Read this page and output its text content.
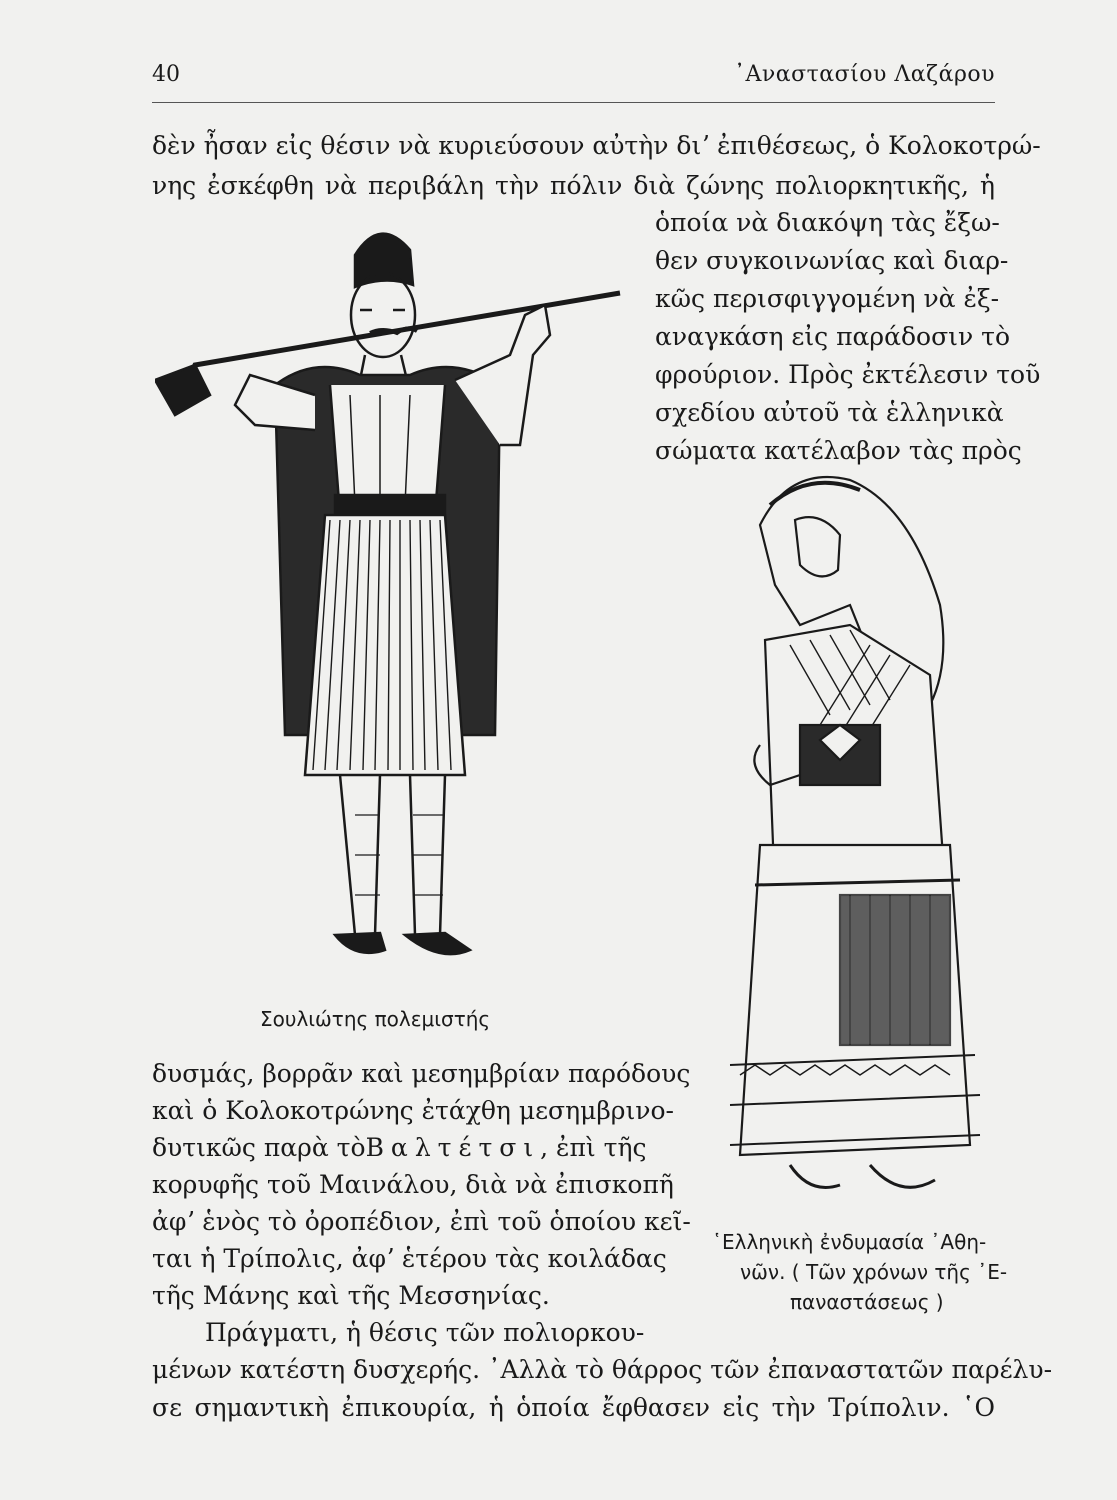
40	᾿Αναστασίου Λαζάρου
δὲν ἦσαν εἰς θέσιν νὰ κυριεύσουν αὐτὴν διʼ ἐπιθέσεως, ὁ Κολοκοτρώ-
νης ἐσκέφθη νὰ περιβάλη τὴν πόλιν διὰ ζώνης πολιορκητικῆς, ἡ
ὁποία νὰ διακόψη τὰς ἔξω-
θεν συγκοινωνίας καὶ διαρ-
κῶς περισφιγγομένη νὰ ἐξ-
αναγκάση εἰς παράδοσιν τὸ
φρούριον. Πρὸς ἐκτέλεσιν τοῦ
σχεδίου αὐτοῦ τὰ ἑλληνικὰ
σώματα κατέλαβον τὰς πρὸς
Σουλιώτης πολεμιστής
῾Ελληνικὴ ἐνδυμασία ᾿Αθη-
νῶν. ( Τῶν χρόνων τῆς ᾿Ε-
παναστάσεως )
δυσμάς, βορρᾶν καὶ μεσημβρίαν παρόδους
καὶ ὁ Κολοκοτρώνης ἐτάχθη μεσημβρινο-
δυτικῶς παρὰ τὸ Βαλτέτσι , ἐπὶ τῆς
κορυφῆς τοῦ Μαινάλου, διὰ νὰ ἐπισκοπῆ
ἀφʼ ἑνὸς τὸ ὀροπέδιον, ἐπὶ τοῦ ὁποίου κεῖ-
ται ἡ Τρίπολις, ἀφʼ ἑτέρου τὰς κοιλάδας
τῆς Μάνης καὶ τῆς Μεσσηνίας.
Πράγματι, ἡ θέσις τῶν πολιορκου-
μένων κατέστη δυσχερής. ᾿Αλλὰ τὸ θάρρος τῶν ἐπαναστατῶν παρέλυ-
σε σημαντικὴ ἐπικουρία, ἡ ὁποία ἔφθασεν εἰς τὴν Τρίπολιν. ῾Ο
